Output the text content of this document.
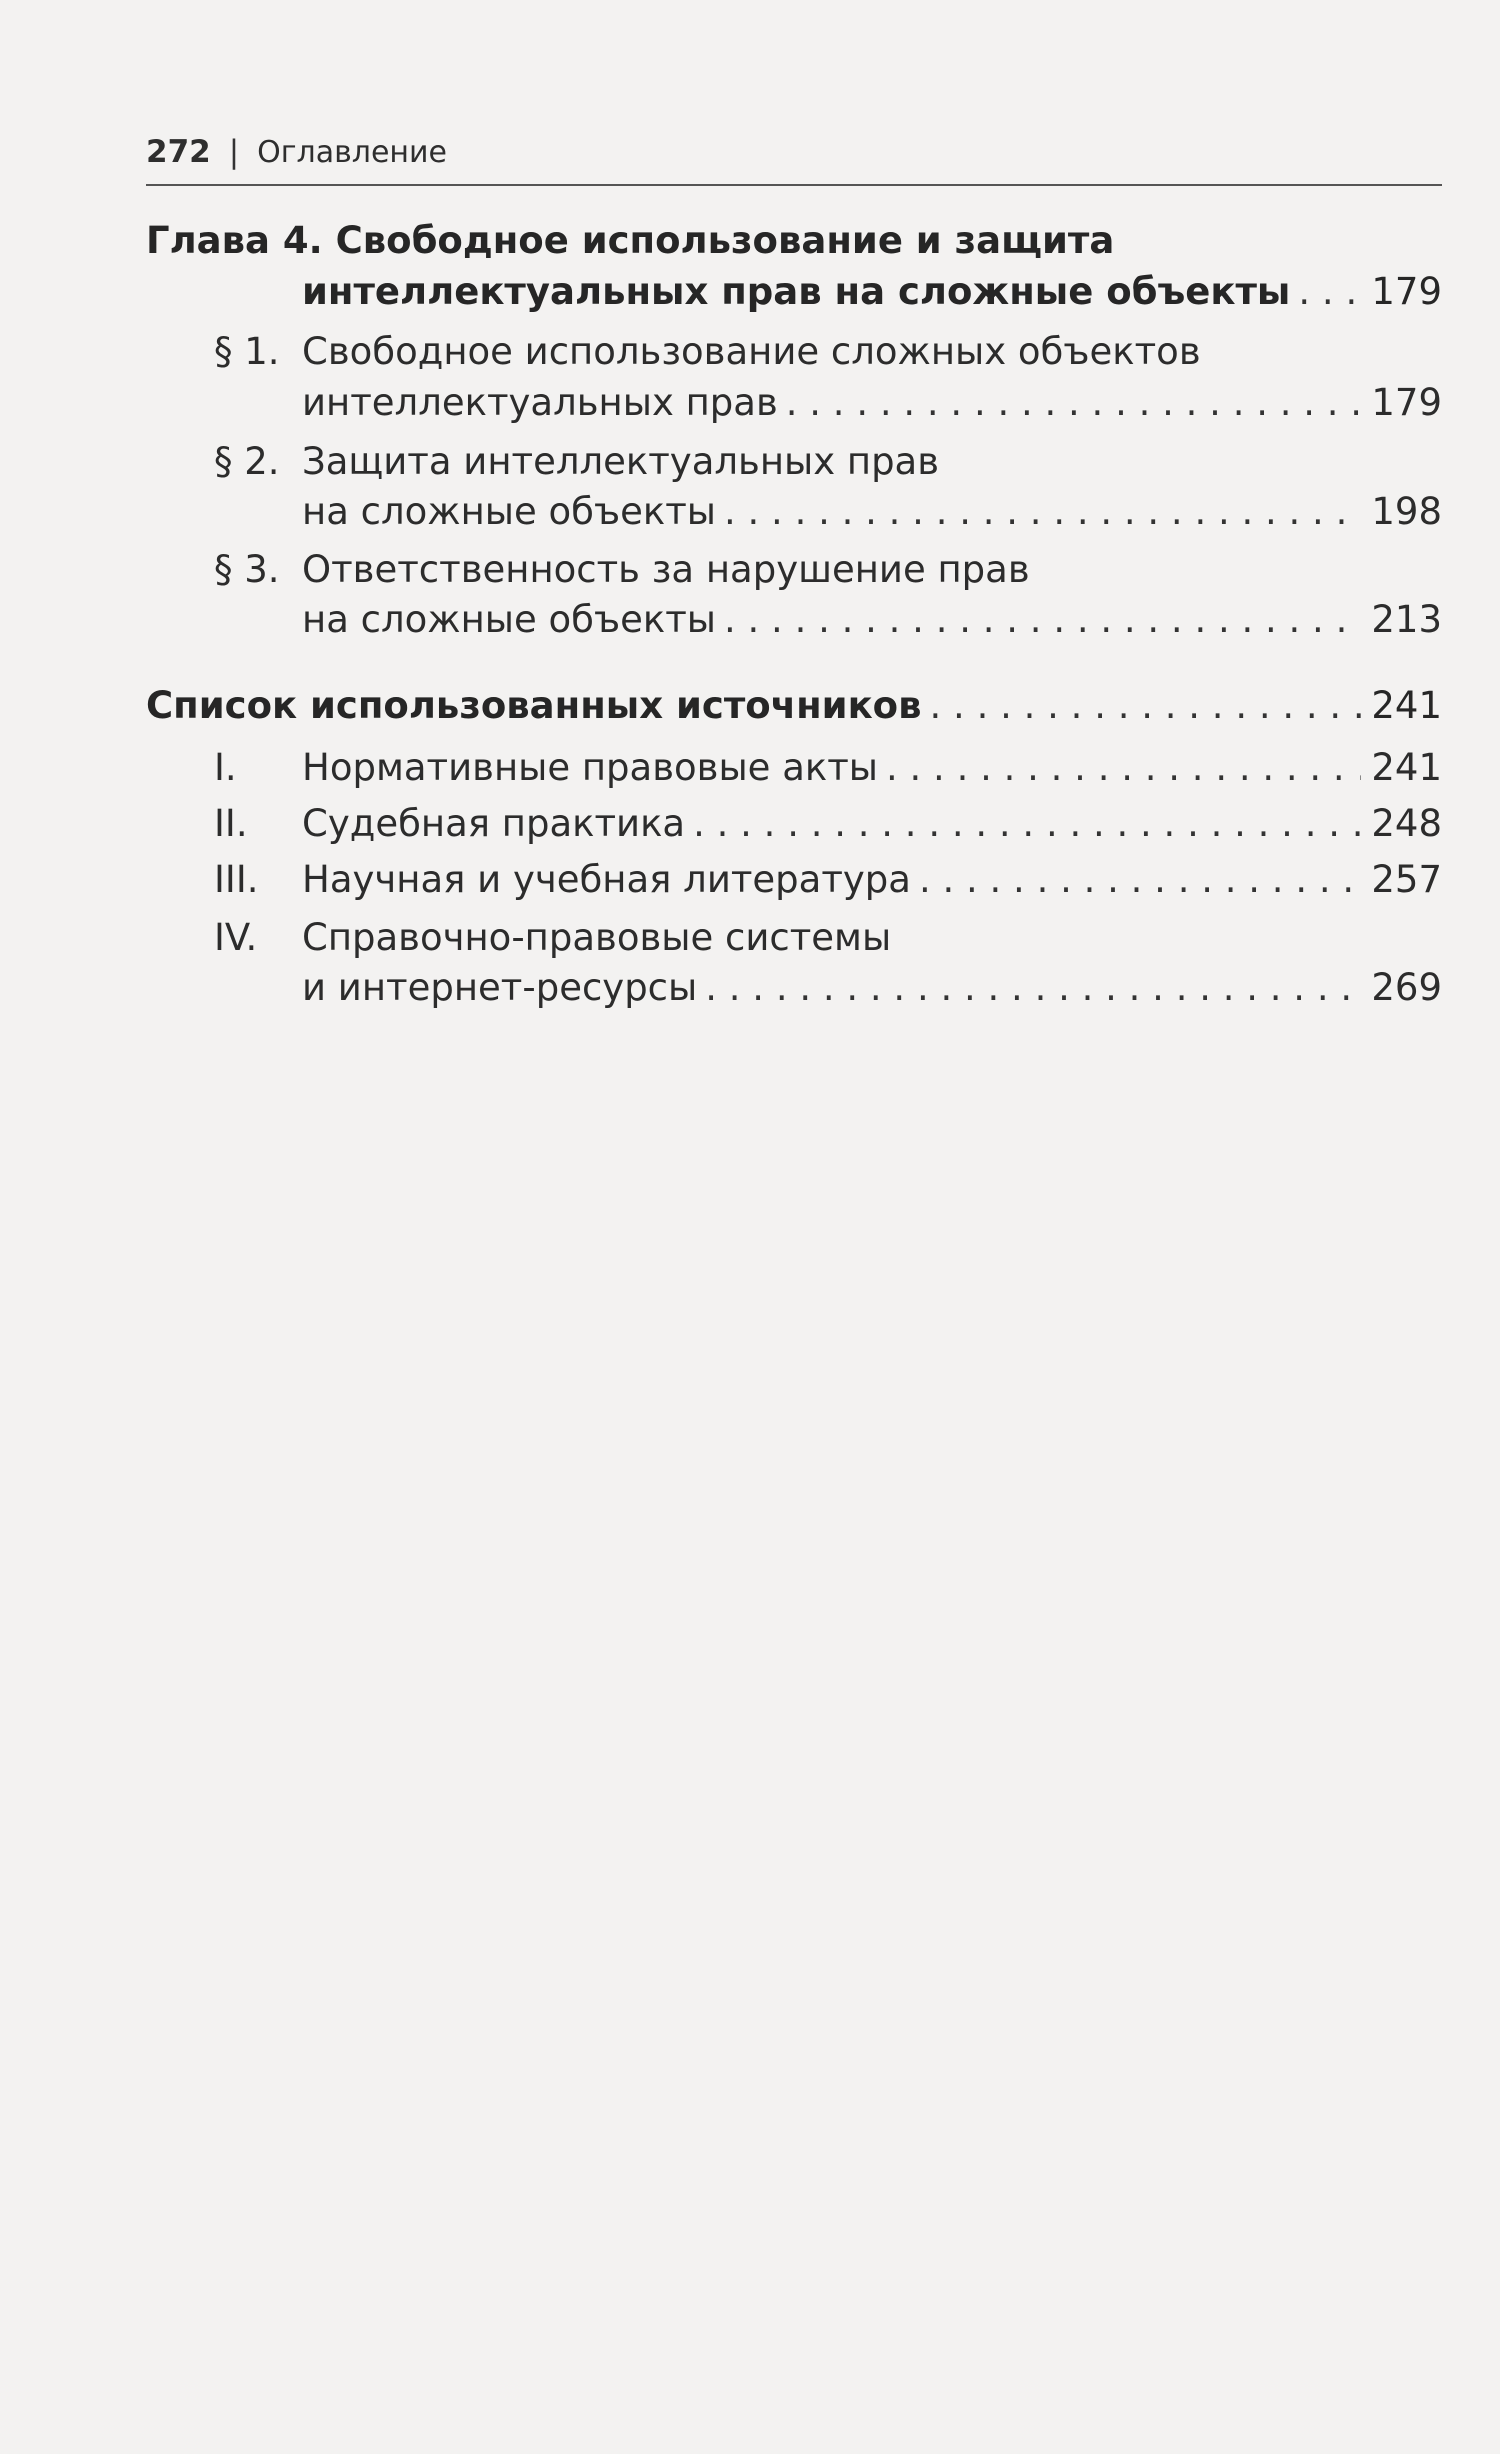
272 | Оглавление
Глава 4. Свободное использование и защита
интеллектуальных прав на сложные объекты . . . 179
§ 1. Свободное использование сложных объектов
интеллектуальных прав . . .	179
§ 2. Защита интеллектуальных прав
на сложные объекты . . .	198
§ 3. Ответственность за нарушение прав
на сложные объекты . . .	213
Список использованных источников . . .	241
I. Нормативные правовые акты . . .	241
II. Судебная практика . . .	248
III. Научная и учебная литература . . .	257
IV. Справочно-правовые системы
и интернет-ресурсы . . .	269
